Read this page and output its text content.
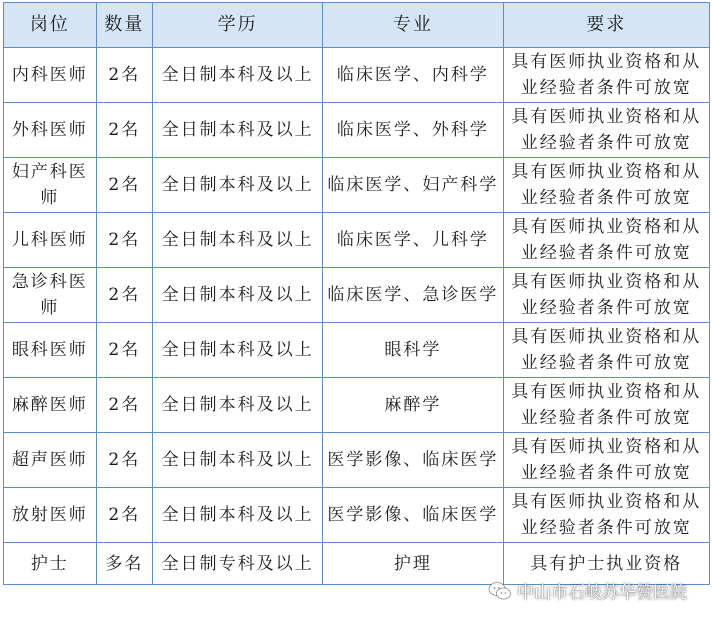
岗位	数量	学历	专业	要求
内科医师	2名	全日制本科及以上	临床医学、内科学	具有医师执业资格和从业经验者条件可放宽
外科医师	2名	全日制本科及以上	临床医学、外科学	具有医师执业资格和从业经验者条件可放宽
妇产科医师	2名	全日制本科及以上	临床医学、妇产科学	具有医师执业资格和从业经验者条件可放宽
儿科医师	2名	全日制本科及以上	临床医学、儿科学	具有医师执业资格和从业经验者条件可放宽
急诊科医师	2名	全日制本科及以上	临床医学、急诊医学	具有医师执业资格和从业经验者条件可放宽
眼科医师	2名	全日制本科及以上	眼科学	具有医师执业资格和从业经验者条件可放宽
麻醉医师	2名	全日制本科及以上	麻醉学	具有医师执业资格和从业经验者条件可放宽
超声医师	2名	全日制本科及以上	医学影像、临床医学	具有医师执业资格和从业经验者条件可放宽
放射医师	2名	全日制本科及以上	医学影像、临床医学	具有医师执业资格和从业经验者条件可放宽
护士	多名	全日制专科及以上	护理	具有护士执业资格
中山市石岐苏华赞医院
